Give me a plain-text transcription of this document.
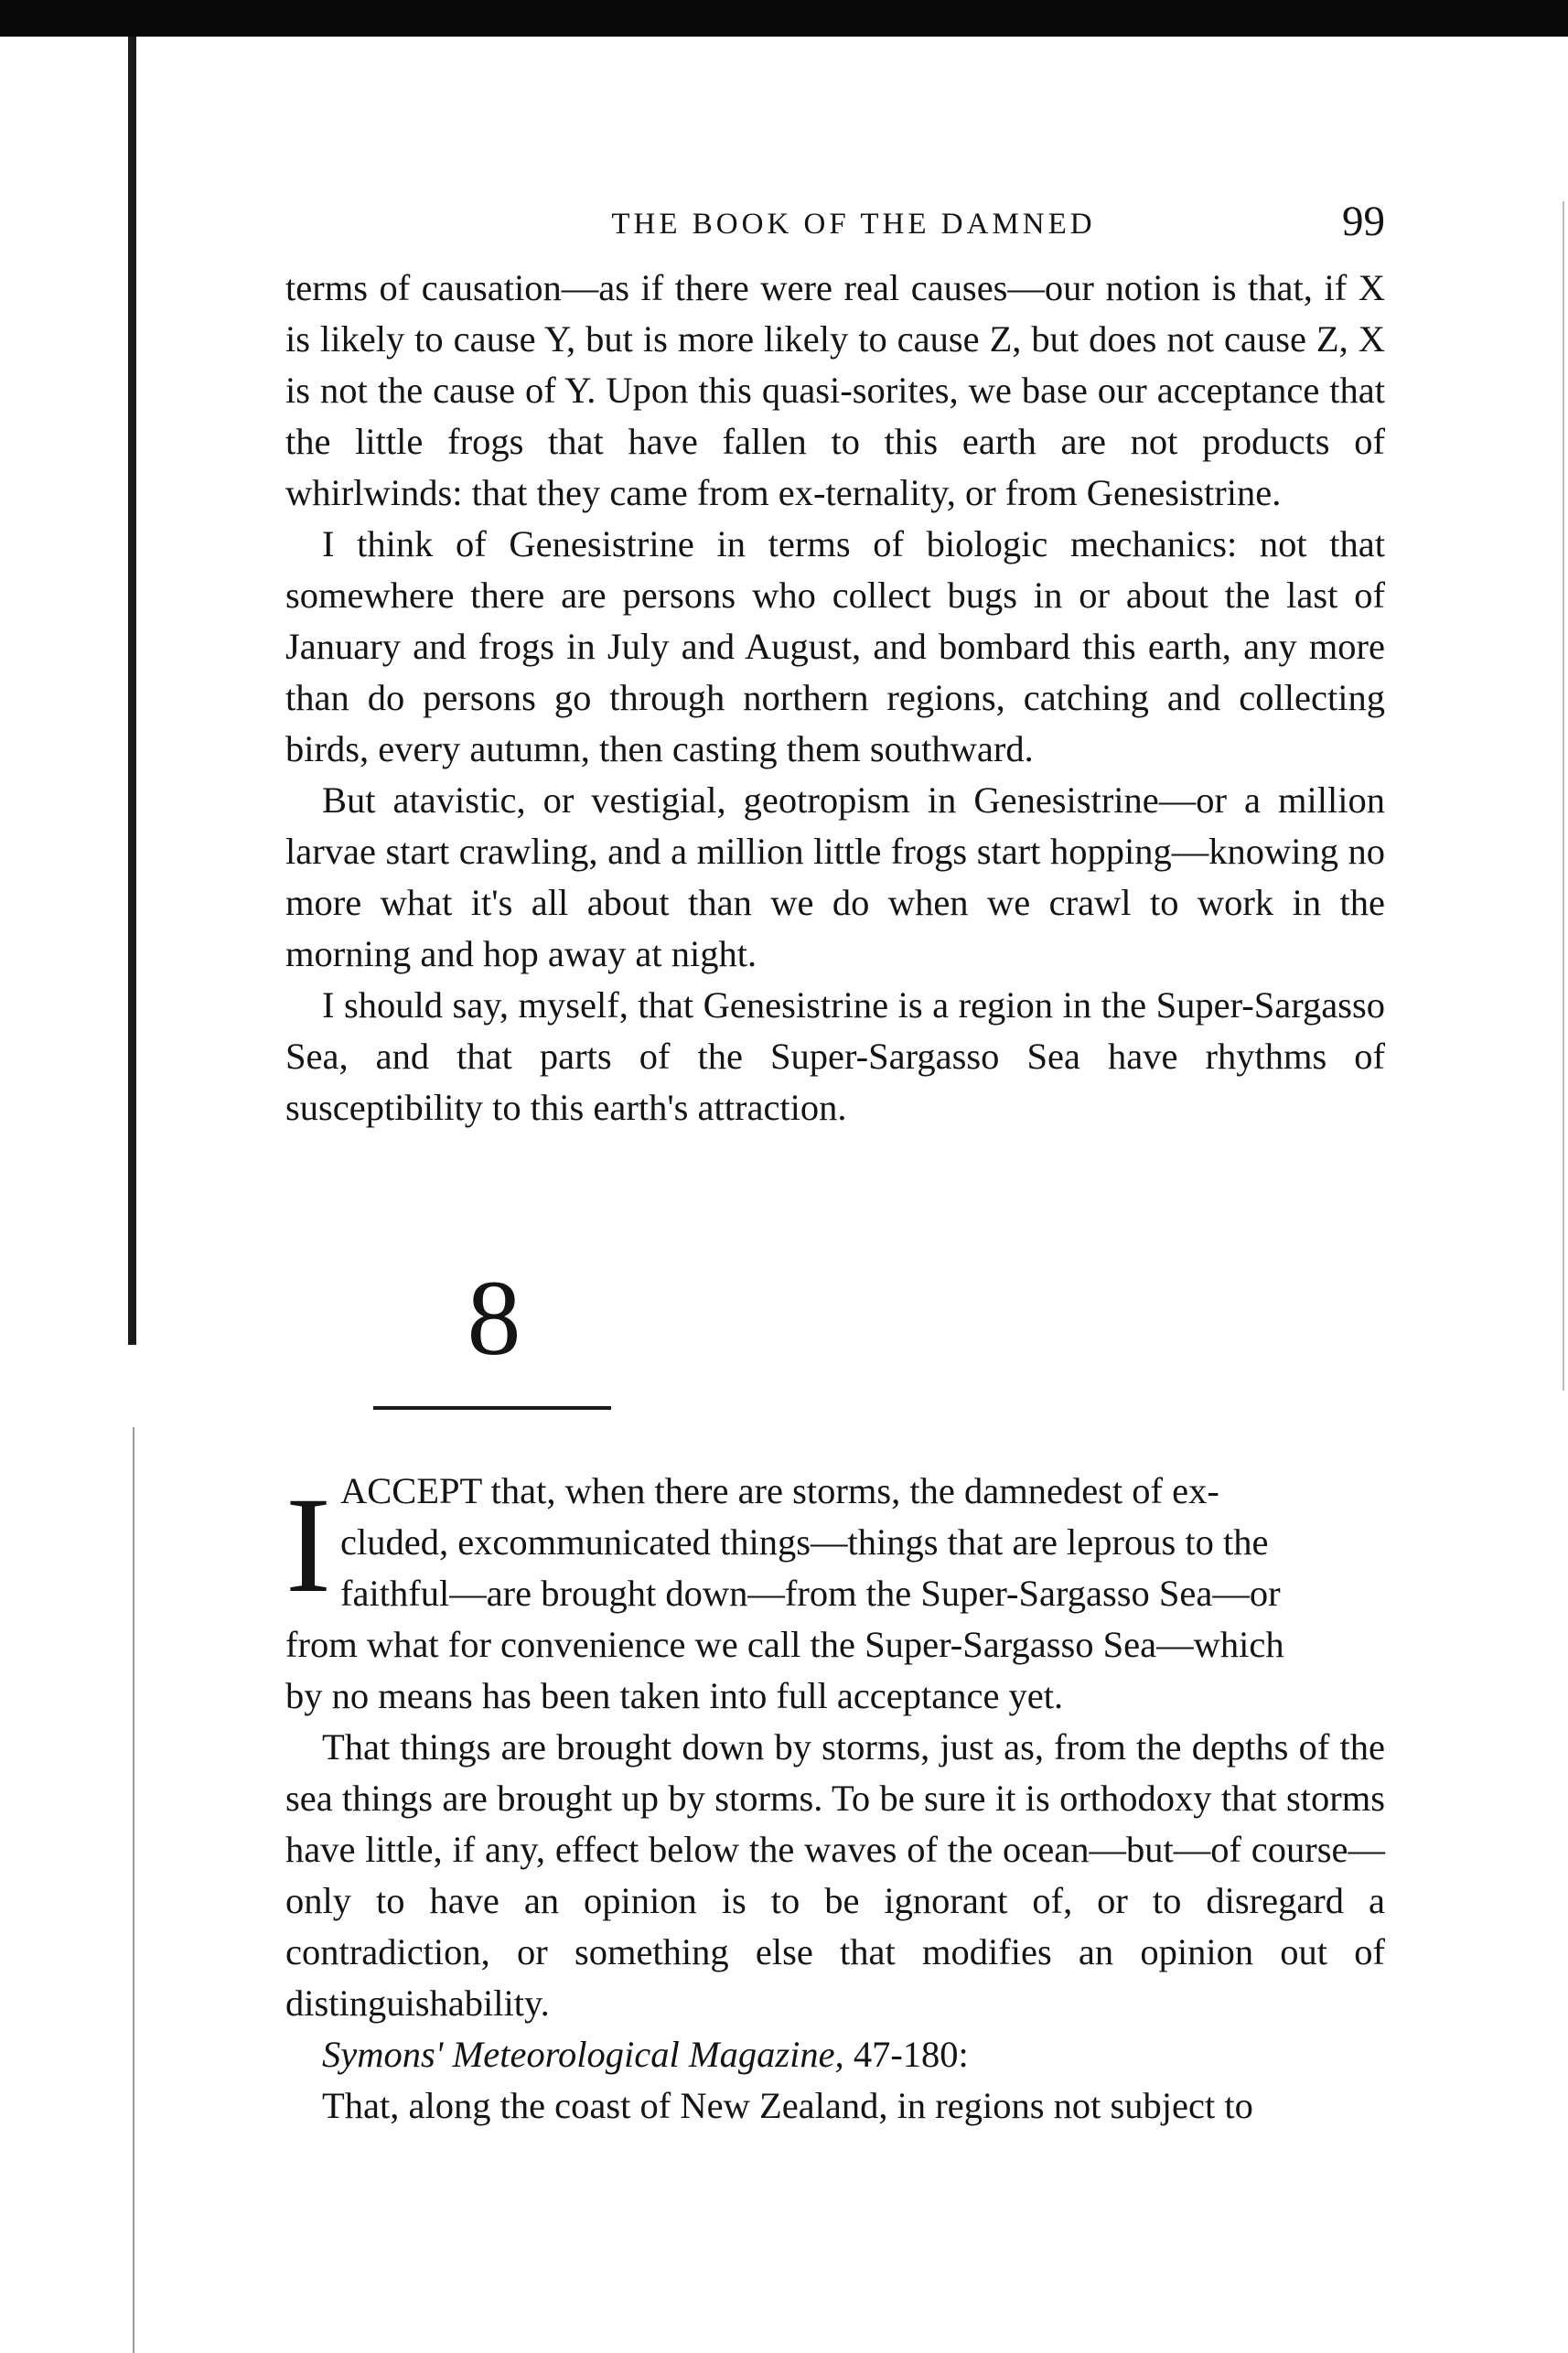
THE BOOK OF THE DAMNED	99

terms of causation—as if there were real causes—our notion is that, if X is likely to cause Y, but is more likely to cause Z, but does not cause Z, X is not the cause of Y. Upon this quasi-sorites, we base our acceptance that the little frogs that have fallen to this earth are not products of whirlwinds: that they came from ex-ternality, or from Genesistrine.

I think of Genesistrine in terms of biologic mechanics: not that somewhere there are persons who collect bugs in or about the last of January and frogs in July and August, and bombard this earth, any more than do persons go through northern regions, catching and collecting birds, every autumn, then casting them southward.

But atavistic, or vestigial, geotropism in Genesistrine—or a million larvae start crawling, and a million little frogs start hopping—knowing no more what it's all about than we do when we crawl to work in the morning and hop away at night.

I should say, myself, that Genesistrine is a region in the Super-Sargasso Sea, and that parts of the Super-Sargasso Sea have rhythms of susceptibility to this earth's attraction.

8
I ACCEPT that, when there are storms, the damnedest of ex-

cluded, excommunicated things—things that are leprous to the

faithful—are brought down—from the Super-Sargasso Sea—or

from what for convenience we call the Super-Sargasso Sea—which

by no means has been taken into full acceptance yet.

That things are brought down by storms, just as, from the depths of the sea things are brought up by storms. To be sure it is orthodoxy that storms have little, if any, effect below the waves of the ocean—but—of course—only to have an opinion is to be ignorant of, or to disregard a contradiction, or something else that modifies an opinion out of distinguishability.

Symons' Meteorological Magazine, 47-180:

That, along the coast of New Zealand, in regions not subject to
